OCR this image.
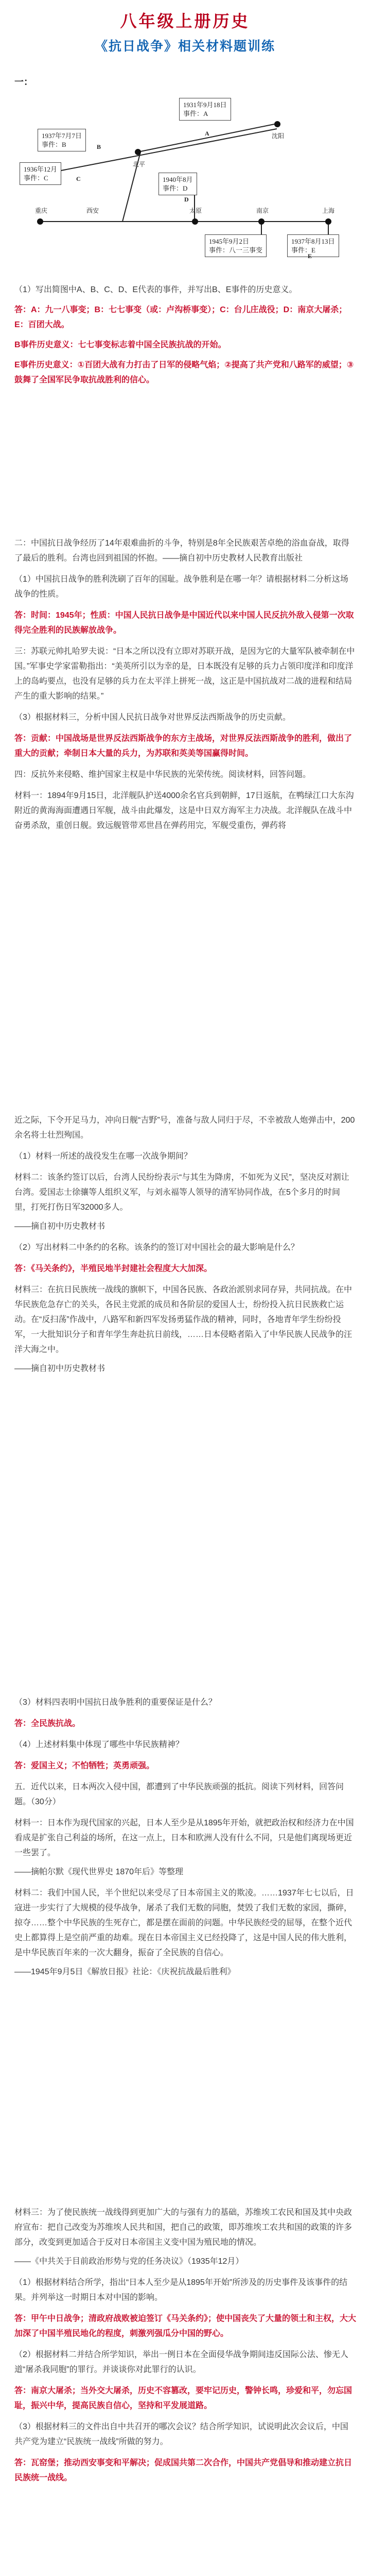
八年级上册历史
《抗日战争》相关材料题训练
一：
1931年9月18日
事件：A
1937年7月7日
事件：B
1936年12月
事件：C	1940年8月
事件：D
1945年9月2日
事件：八一三事变
1937年8月13日
事件：E
北平
沈阳
重庆	西安	太原	南京	上海
A
B
C
D
E
（1）写出简图中A、B、C、D、E代表的事件，并写出B、E事件的历史意义。
答：A：九一八事变；B：七七事变（或：卢沟桥事变）；C：台儿庄战役；D：南京大屠杀；E：百团大战。
B事件历史意义：七七事变标志着中国全民族抗战的开始。
E事件历史意义：①百团大战有力打击了日军的侵略气焰；②提高了共产党和八路军的威望；③鼓舞了全国军民争取抗战胜利的信心。
二：中国抗日战争经历了14年艰难曲折的斗争，特别是8年全民族艰苦卓绝的浴血奋战，取得了最后的胜利。台湾也回到祖国的怀抱。——摘自初中历史教材人民教育出版社
（1）中国抗日战争的胜利洗刷了百年的国耻。战争胜利是在哪一年？请根据材料二分析这场战争的性质。
答：时间：1945年；性质：中国人民抗日战争是中国近代以来中国人民反抗外敌入侵第一次取得完全胜利的民族解放战争。
三：苏联元帅扎哈罗夫说：“日本之所以没有立即对苏联开战，是因为它的大量军队被牵制在中国。”军事史学家雷勒指出：“美英所引以为幸的是，日本既没有足够的兵力占领印度洋和印度洋上的岛屿要点，也没有足够的兵力在太平洋上拼死一战，这正是中国抗战对二战的进程和结局产生的重大影响的结果。”
（3）根据材料三，分析中国人民抗日战争对世界反法西斯战争的历史贡献。
答：贡献：中国战场是世界反法西斯战争的东方主战场，对世界反法西斯战争的胜利，做出了重大的贡献；牵制日本大量的兵力，为苏联和英美等国赢得时间。
四：反抗外来侵略、维护国家主权是中华民族的光荣传统。阅读材料，回答问题。
材料一：1894年9月15日，北洋舰队护送4000余名官兵到朝鲜，17日返航，在鸭绿江口大东沟附近的黄海海面遭遇日军舰，战斗由此爆发，这是中日双方海军主力决战。北洋舰队在战斗中奋勇杀敌，重创日舰。致远舰管带邓世昌在弹药用完，军舰受重伤，弹药将
近之际，下令开足马力，冲向日舰“吉野”号，准备与敌人同归于尽，不幸被敌人炮弹击中，200余名将士壮烈殉国。
（1）材料一所述的战役发生在哪一次战争期间？
材料二：该条约签订以后，台湾人民纷纷表示“与其生为降虏，不如死为义民”，坚决反对割让台湾。爱国志士徐骧等人组织义军，与刘永福等人领导的清军协同作战，在5个多月的时间里，打死打伤日军32000多人。
——摘自初中历史教材书
（2）写出材料二中条约的名称。该条约的签订对中国社会的最大影响是什么？
答：《马关条约》，半殖民地半封建社会程度大大加深。
材料三：在抗日民族统一战线的旗帜下，中国各民族、各政治派别求同存异，共同抗战。在中华民族危急存亡的关头，各民主党派的成员和各阶层的爱国人士，纷纷投入抗日民族救亡运动。在“反扫荡”作战中，八路军和新四军发扬勇猛作战的精神，同时，各地青年学生纷纷投军，一大批知识分子和青年学生奔赴抗日前线，……日本侵略者陷入了中华民族人民战争的汪洋大海之中。
——摘自初中历史教材书
（3）材料四表明中国抗日战争胜利的重要保证是什么？
答：全民族抗战。
（4）上述材料集中体现了哪些中华民族精神？
答：爱国主义；不怕牺牲；英勇顽强。
五．近代以来，日本两次入侵中国，都遭到了中华民族顽强的抵抗。阅读下列材料，回答问题。（30分）
材料一：日本作为现代国家的兴起，日本人至少是从1895年开始，就把政治权和经济力在中国看成是扩张自己利益的场所，在这一点上，日本和欧洲人没有什么不同，只是他们离现场更近一些罢了。
——摘帕尔默《现代世界史 1870年后》等整理
材料二：我们中国人民，半个世纪以来受尽了日本帝国主义的欺凌。……1937年七七以后，日寇进一步实行了大规模的侵华战争，屠杀了我们无数的同胞，焚毁了我们无数的家园，撕碎，掠夺……整个中华民族的生死存亡，都是摆在面前的问题。中华民族经受的屈辱，在整个近代史上都算得上是空前严重的劫难。现在日本帝国主义已经投降了，这是中国人民的伟大胜利，是中华民族百年来的一次大翻身，振奋了全民族的自信心。
——1945年9月5日《解放日报》社论：《庆祝抗战最后胜利》
材料三：为了使民族统一战线得到更加广大的与强有力的基础，苏维埃工农民和国及其中央政府宣布：把自己改变为苏维埃人民共和国，把自己的政策，即苏维埃工农共和国的政策的许多部分，改变到更加适合于反对日本帝国主义变中国为殖民地的情况。
——《中共关于目前政治形势与党的任务决议》（1935年12月）
（1）根据材料结合所学，指出“日本人至少是从1895年开始”所涉及的历史事件及该事件的结果。并列举这一时期日本对中国的影响。
答：甲午中日战争；清政府战败被迫签订《马关条约》；使中国丧失了大量的领土和主权，大大加深了中国半殖民地化的程度，刺激列强瓜分中国的野心。
（2）根据材料二并结合所学知识，举出一例日本在全面侵华战争期间违反国际公法、惨无人道“屠杀我同胞”的罪行。并谈谈你对此罪行的认识。
答：南京大屠杀；当外交大屠杀，历史不容篡改，要牢记历史，警钟长鸣，珍爱和平，勿忘国耻，振兴中华，提高民族自信心，坚持和平发展道路。
（3）根据材料三的文件出自中共召开的哪次会议？结合所学知识，试说明此次会议后，中国共产党为建立“民族统一战线”所做的努力。
答：瓦窑堡；推动西安事变和平解决；促成国共第二次合作，中国共产党倡导和推动建立抗日民族统一战线。
